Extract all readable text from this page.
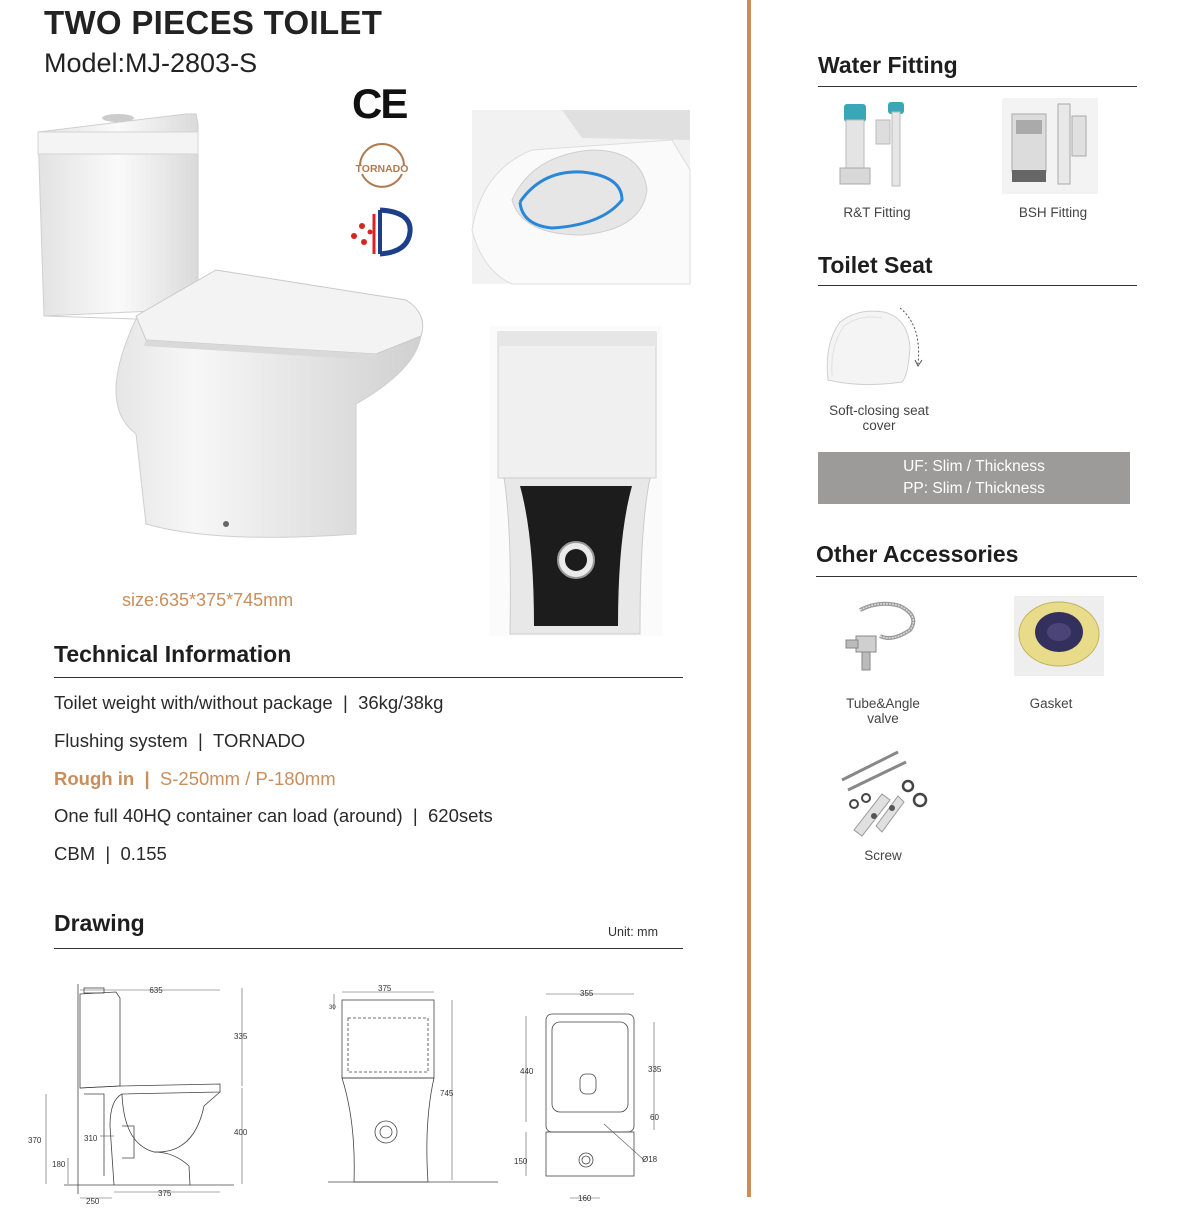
TWO PIECES TOILET
Model:MJ-2803-S
CE
TORNADO
size:635*375*745mm
Technical Information
Toilet weight with/without package | 36kg/38kg
Flushing system | TORNADO
Rough in | S-250mm / P-180mm
One full 40HQ container can load (around) | 620sets
CBM | 0.155
Drawing	Unit: mm
635
335
400
370	310
180
250
375
375
30
745
355
440	335
60
150	Ø18
160
Water Fitting
R&T Fitting	BSH Fitting
Toilet Seat
Soft-closing seat
cover
UF: Slim / Thickness
PP: Slim / Thickness
Other Accessories
Tube&Angle
valve
Gasket
Screw
